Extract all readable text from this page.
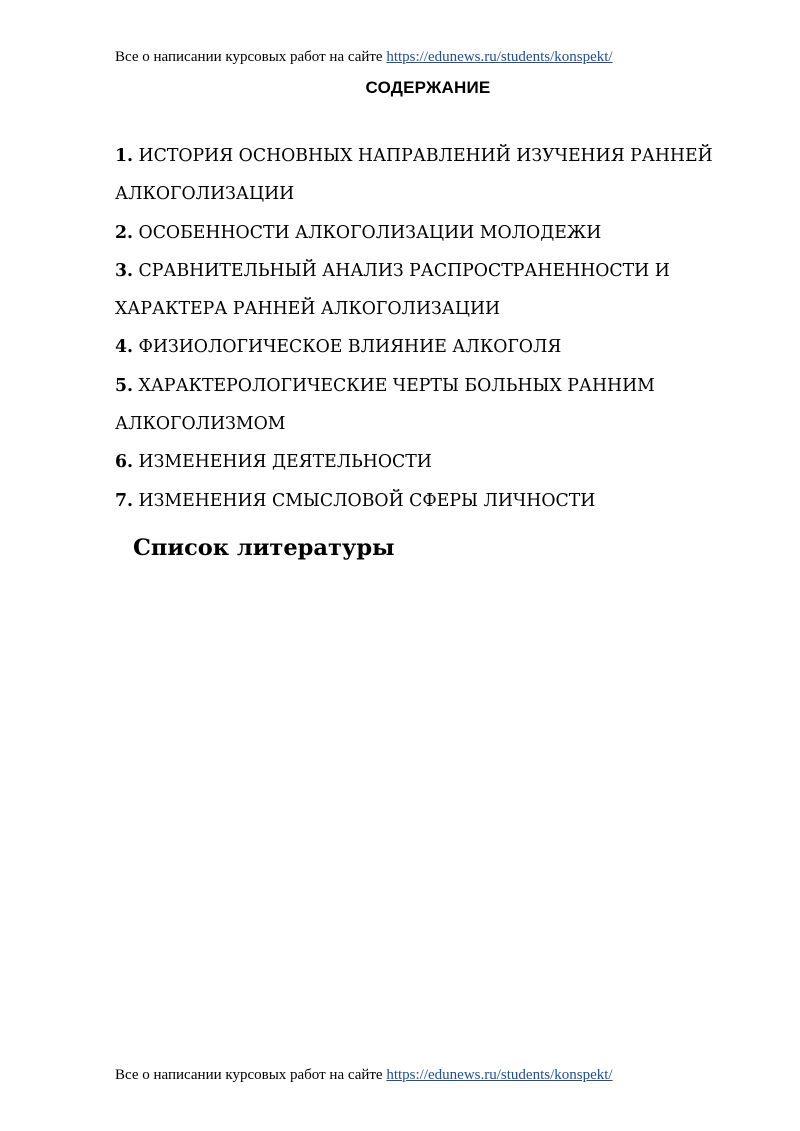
Все о написании курсовых работ на сайте https://edunews.ru/students/konspekt/
СОДЕРЖАНИЕ
1. ИСТОРИЯ ОСНОВНЫХ НАПРАВЛЕНИЙ ИЗУЧЕНИЯ РАННЕЙ АЛКОГОЛИЗАЦИИ
2. ОСОБЕННОСТИ АЛКОГОЛИЗАЦИИ МОЛОДЕЖИ
3. СРАВНИТЕЛЬНЫЙ АНАЛИЗ РАСПРОСТРАНЕННОСТИ И ХАРАКТЕРА РАННЕЙ АЛКОГОЛИЗАЦИИ
4. ФИЗИОЛОГИЧЕСКОЕ ВЛИЯНИЕ АЛКОГОЛЯ
5. ХАРАКТЕРОЛОГИЧЕСКИЕ ЧЕРТЫ БОЛЬНЫХ РАННИМ АЛКОГОЛИЗМОМ
6. ИЗМЕНЕНИЯ ДЕЯТЕЛЬНОСТИ
7. ИЗМЕНЕНИЯ СМЫСЛОВОЙ СФЕРЫ ЛИЧНОСТИ
Список литературы
Все о написании курсовых работ на сайте https://edunews.ru/students/konspekt/
